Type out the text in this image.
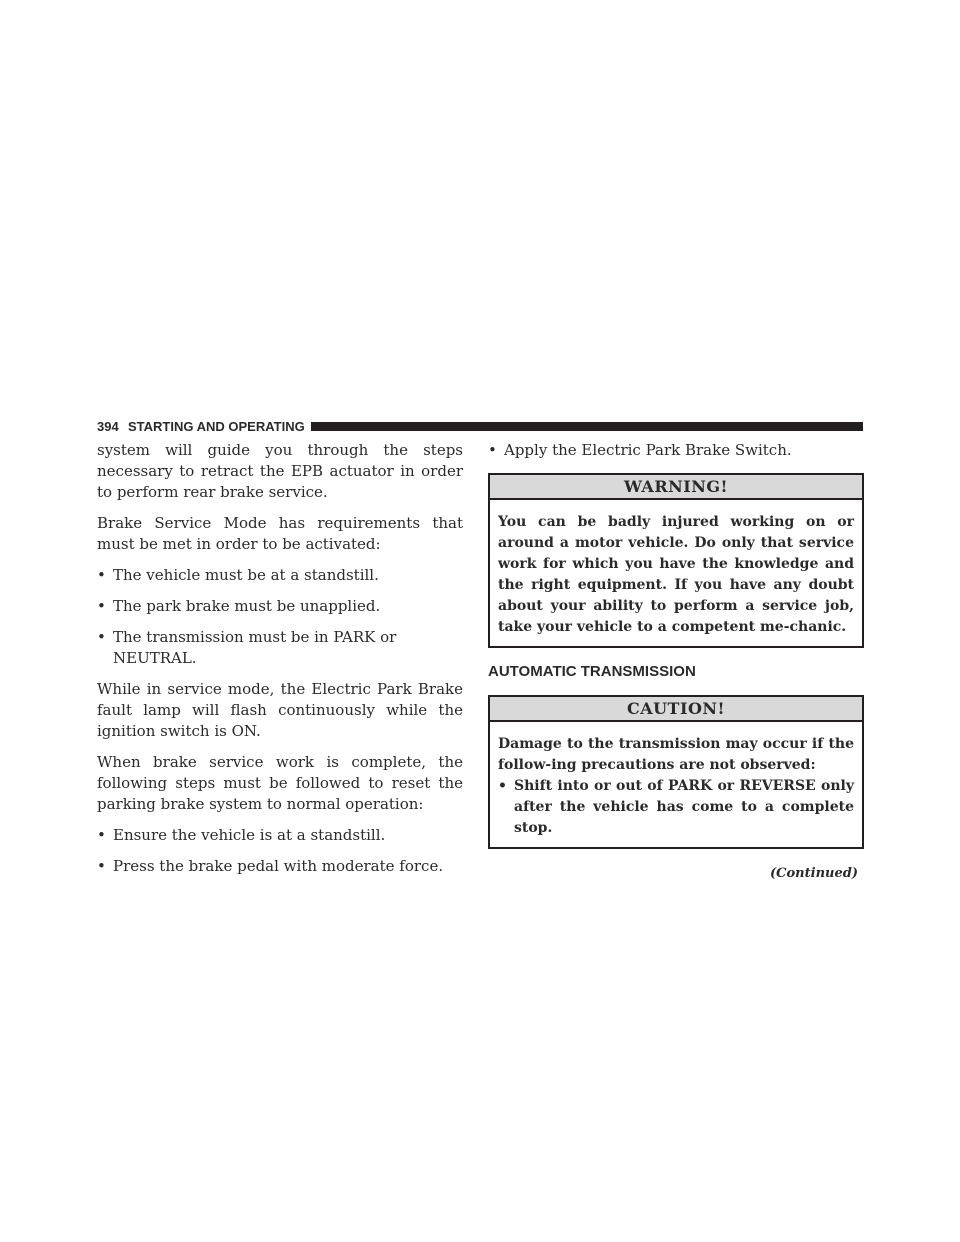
394 STARTING AND OPERATING

system will guide you through the steps necessary to retract the EPB actuator in order to perform rear brake service.

Brake Service Mode has requirements that must be met in order to be activated:

• The vehicle must be at a standstill.
• The park brake must be unapplied.
• The transmission must be in PARK or NEUTRAL.

While in service mode, the Electric Park Brake fault lamp will flash continuously while the ignition switch is ON.

When brake service work is complete, the following steps must be followed to reset the parking brake system to normal operation:

• Ensure the vehicle is at a standstill.
• Press the brake pedal with moderate force.
• Apply the Electric Park Brake Switch.
WARNING!

You can be badly injured working on or around a motor vehicle. Do only that service work for which you have the knowledge and the right equipment. If you have any doubt about your ability to perform a service job, take your vehicle to a competent me-chanic.

AUTOMATIC TRANSMISSION
CAUTION!

Damage to the transmission may occur if the follow-ing precautions are not observed:

• Shift into or out of PARK or REVERSE only after the vehicle has come to a complete stop.

(Continued)
